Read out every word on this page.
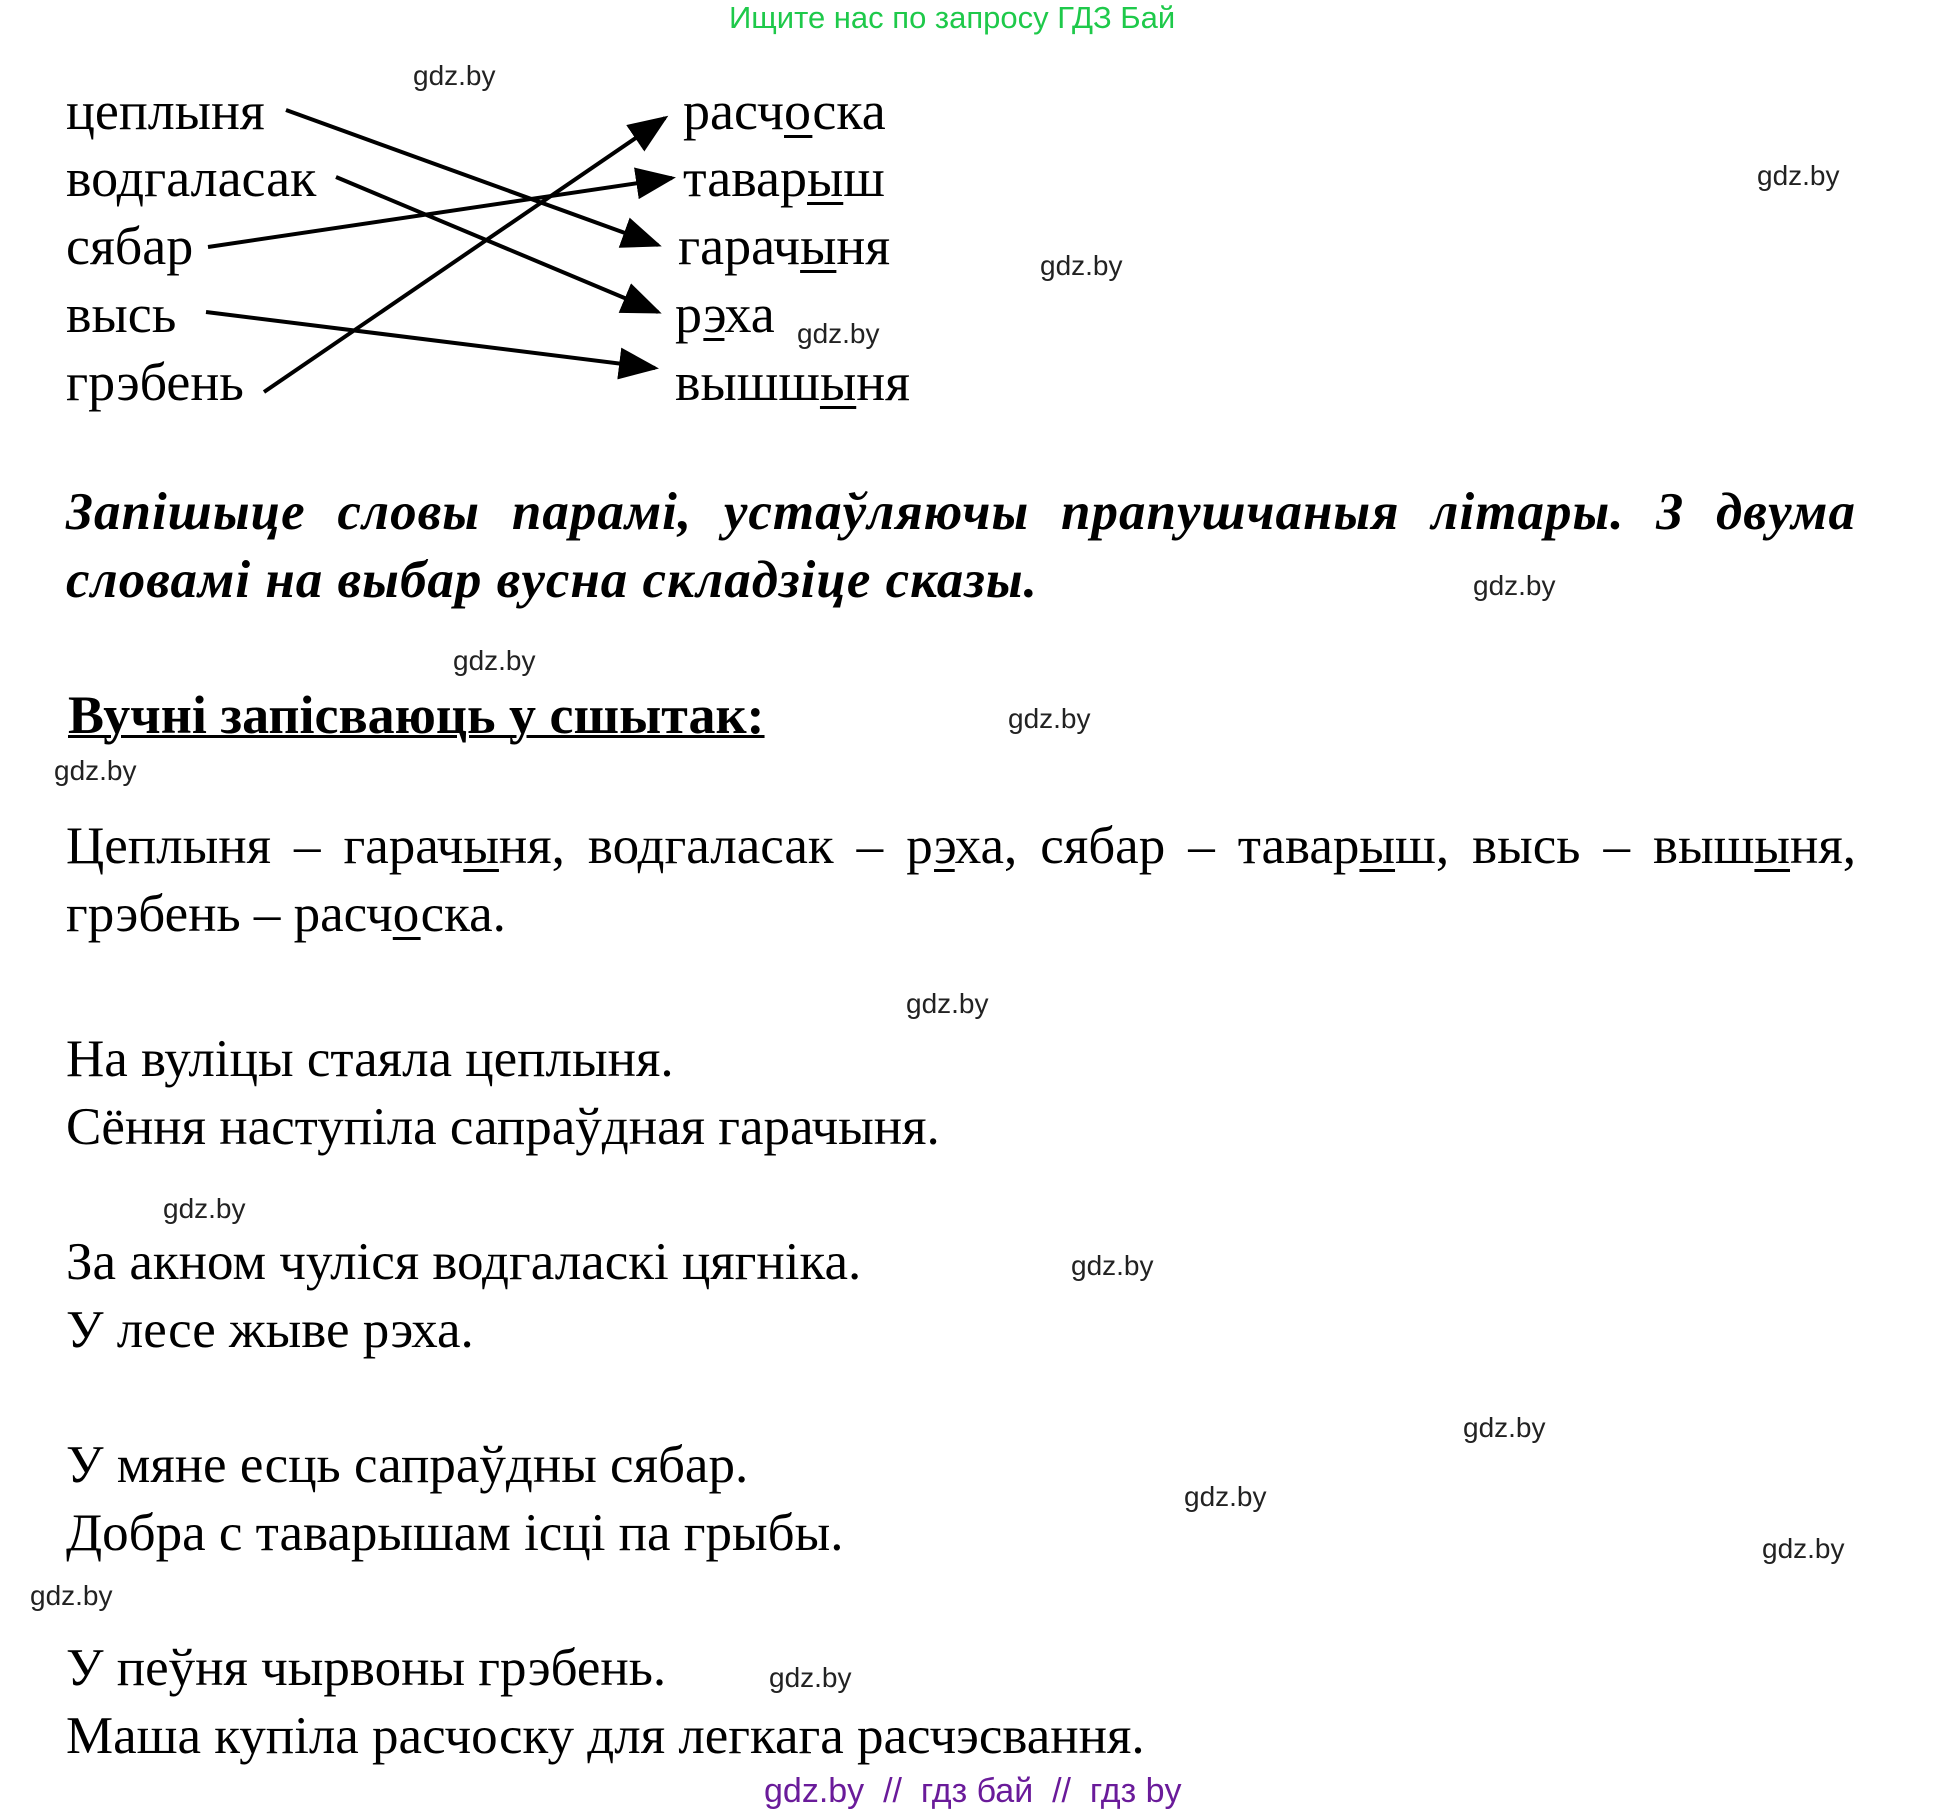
Ищите нас по запросу ГДЗ Бай
gdz.by
gdz.by
gdz.by
gdz.by
gdz.by
gdz.by
gdz.by
gdz.by
gdz.by
gdz.by
gdz.by
gdz.by
gdz.by
gdz.by
gdz.by
gdz.by
цеплыня
водгаласак
сябар
высь
грэбень
расчоска
таварыш
гарачыня
рэха
вышшыня
Запішыце словы парамі, устаўляючы прапушчаныя літары. З двума словамі на выбар вусна складзіце сказы.
Вучні запісваюць у сшытак:
Цеплыня – гарачыня, водгаласак – рэха, сябар – таварыш, высь – вышыня, грэбень – расчоска.
На вуліцы стаяла цеплыня.
Сёння наступіла сапраўдная гарачыня.
За акном чуліся водгаласкі цягніка.
У лесе жыве рэха.
У мяне есць сапраўдны сябар.
Добра с таварышам ісці па грыбы.
У пеўня чырвоны грэбень.
Маша купіла расчоску для легкага расчэсвання.
gdz.by  //  гдз бай  //  гдз by
